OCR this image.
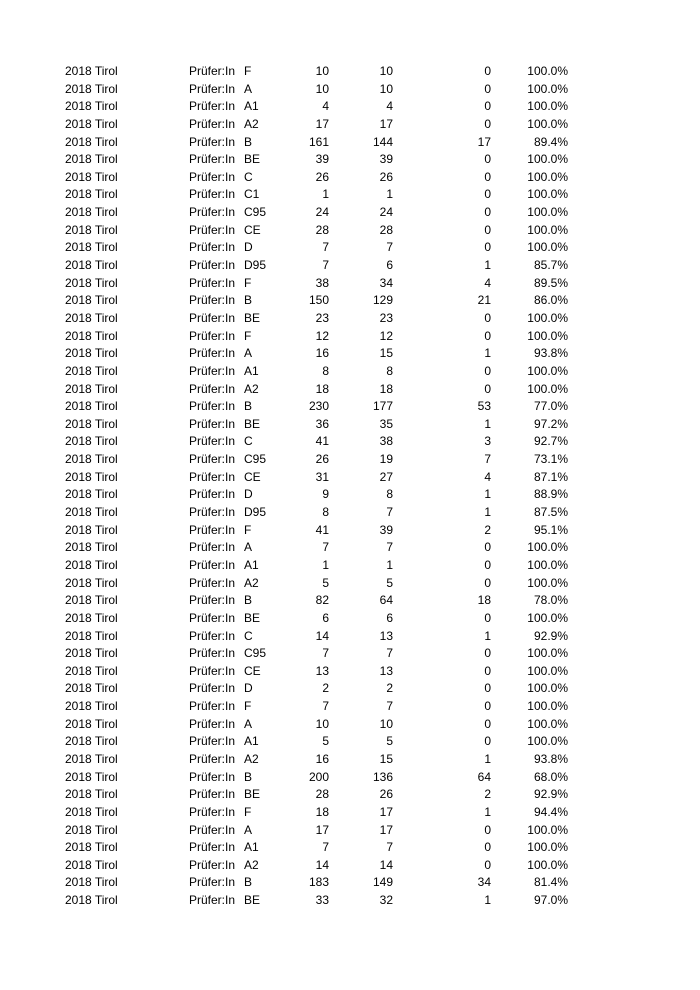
2018 Tirol	Prüfer:In F	10	10	0	100.0%
2018 Tirol	Prüfer:In A	10	10	0	100.0%
2018 Tirol	Prüfer:In A1	4	4	0	100.0%
2018 Tirol	Prüfer:In A2	17	17	0	100.0%
2018 Tirol	Prüfer:In B	161	144	17	89.4%
2018 Tirol	Prüfer:In BE	39	39	0	100.0%
2018 Tirol	Prüfer:In C	26	26	0	100.0%
2018 Tirol	Prüfer:In C1	1	1	0	100.0%
2018 Tirol	Prüfer:In C95	24	24	0	100.0%
2018 Tirol	Prüfer:In CE	28	28	0	100.0%
2018 Tirol	Prüfer:In D	7	7	0	100.0%
2018 Tirol	Prüfer:In D95	7	6	1	85.7%
2018 Tirol	Prüfer:In F	38	34	4	89.5%
2018 Tirol	Prüfer:In B	150	129	21	86.0%
2018 Tirol	Prüfer:In BE	23	23	0	100.0%
2018 Tirol	Prüfer:In F	12	12	0	100.0%
2018 Tirol	Prüfer:In A	16	15	1	93.8%
2018 Tirol	Prüfer:In A1	8	8	0	100.0%
2018 Tirol	Prüfer:In A2	18	18	0	100.0%
2018 Tirol	Prüfer:In B	230	177	53	77.0%
2018 Tirol	Prüfer:In BE	36	35	1	97.2%
2018 Tirol	Prüfer:In C	41	38	3	92.7%
2018 Tirol	Prüfer:In C95	26	19	7	73.1%
2018 Tirol	Prüfer:In CE	31	27	4	87.1%
2018 Tirol	Prüfer:In D	9	8	1	88.9%
2018 Tirol	Prüfer:In D95	8	7	1	87.5%
2018 Tirol	Prüfer:In F	41	39	2	95.1%
2018 Tirol	Prüfer:In A	7	7	0	100.0%
2018 Tirol	Prüfer:In A1	1	1	0	100.0%
2018 Tirol	Prüfer:In A2	5	5	0	100.0%
2018 Tirol	Prüfer:In B	82	64	18	78.0%
2018 Tirol	Prüfer:In BE	6	6	0	100.0%
2018 Tirol	Prüfer:In C	14	13	1	92.9%
2018 Tirol	Prüfer:In C95	7	7	0	100.0%
2018 Tirol	Prüfer:In CE	13	13	0	100.0%
2018 Tirol	Prüfer:In D	2	2	0	100.0%
2018 Tirol	Prüfer:In F	7	7	0	100.0%
2018 Tirol	Prüfer:In A	10	10	0	100.0%
2018 Tirol	Prüfer:In A1	5	5	0	100.0%
2018 Tirol	Prüfer:In A2	16	15	1	93.8%
2018 Tirol	Prüfer:In B	200	136	64	68.0%
2018 Tirol	Prüfer:In BE	28	26	2	92.9%
2018 Tirol	Prüfer:In F	18	17	1	94.4%
2018 Tirol	Prüfer:In A	17	17	0	100.0%
2018 Tirol	Prüfer:In A1	7	7	0	100.0%
2018 Tirol	Prüfer:In A2	14	14	0	100.0%
2018 Tirol	Prüfer:In B	183	149	34	81.4%
2018 Tirol	Prüfer:In BE	33	32	1	97.0%
